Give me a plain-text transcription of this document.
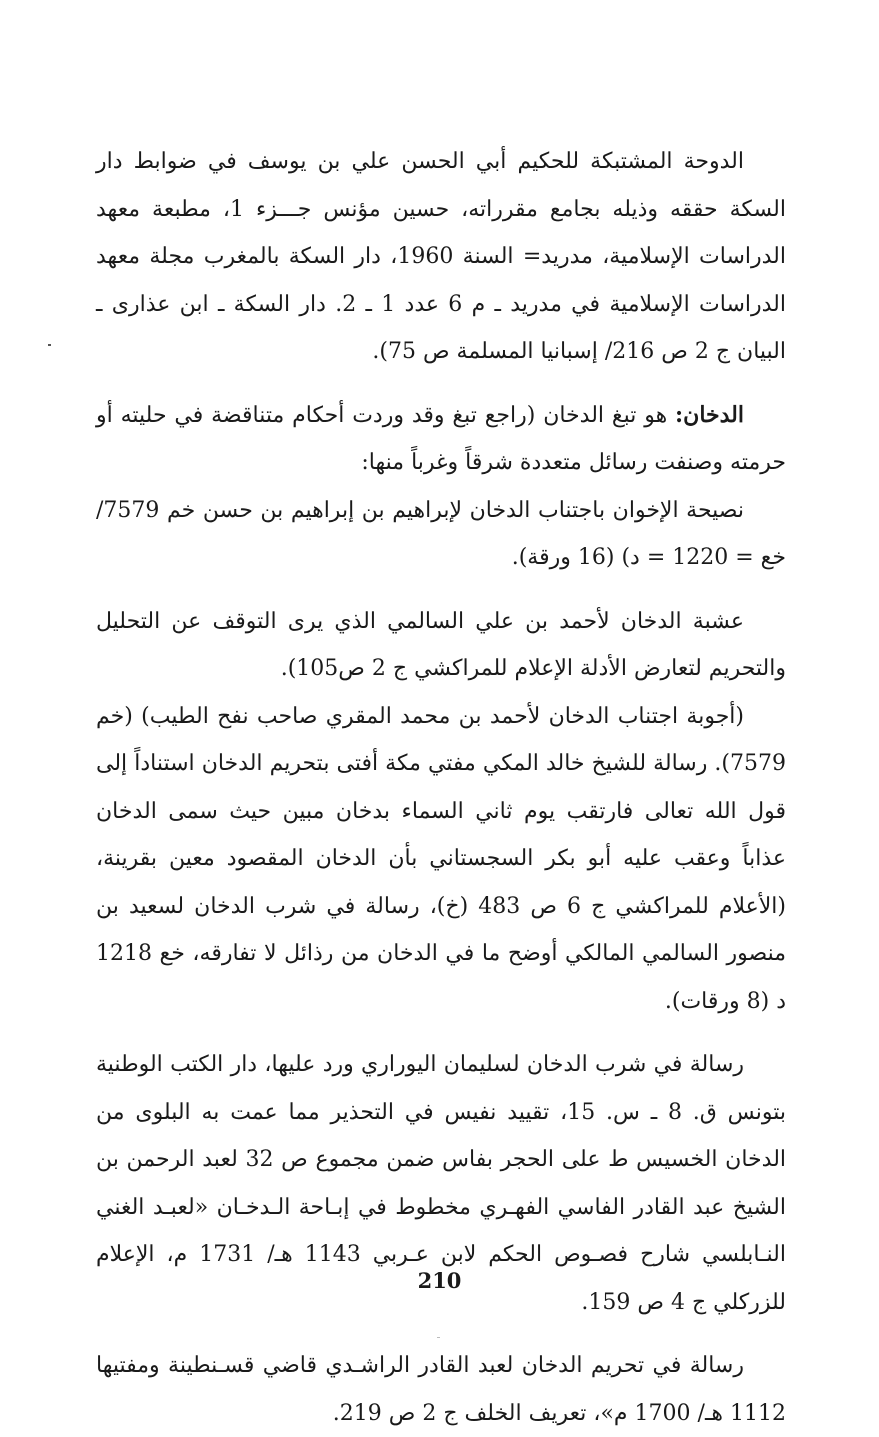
الدوحة المشتبكة للحكيم أبي الحسن علي بن يوسف في ضوابط دار السكة حققه وذيله بجامع مقرراته، حسين مؤنس جـــزء 1، مطبعة معهد الدراسات الإسلامية، مدريد= السنة 1960، دار السكة بالمغرب مجلة معهد الدراسات الإسلامية في مدريد ـ م 6 عدد 1 ـ 2. دار السكة ـ ابن عذارى ـ البيان ج 2 ص 216/ إسبانيا المسلمة ص 75).

الدخان: هو تبغ الدخان (راجع تبغ وقد وردت أحكام متناقضة في حليته أو حرمته وصنفت رسائل متعددة شرقاً وغرباً منها:

نصيحة الإخوان باجتناب الدخان لإبراهيم بن إبراهيم بن حسن خم 7579/ خع = 1220 = د) (16 ورقة).

عشبة الدخان لأحمد بن علي السالمي الذي يرى التوقف عن التحليل والتحريم لتعارض الأدلة الإعلام للمراكشي ج 2 ص105).

(أجوبة اجتناب الدخان لأحمد بن محمد المقري صاحب نفح الطيب) (خم 7579). رسالة للشيخ خالد المكي مفتي مكة أفتى بتحريم الدخان استناداً إلى قول الله تعالى فارتقب يوم ثاني السماء بدخان مبين حيث سمى الدخان عذاباً وعقب عليه أبو بكر السجستاني بأن الدخان المقصود معين بقرينة، (الأعلام للمراكشي ج 6 ص 483 (خ)، رسالة في شرب الدخان لسعيد بن منصور السالمي المالكي أوضح ما في الدخان من رذائل لا تفارقه، خع 1218 د (8 ورقات).

رسالة في شرب الدخان لسليمان اليوراري ورد عليها، دار الكتب الوطنية بتونس ق. 8 ـ س. 15، تقييد نفيس في التحذير مما عمت به البلوى من الدخان الخسيس ط على الحجر بفاس ضمن مجموع ص 32 لعبد الرحمن بن الشيخ عبد القادر الفاسي الفهـري مخطوط في إبـاحة الـدخـان «لعبـد الغني النـابلسي شارح فصـوص الحكم لابن عـربي 1143 هـ/ 1731 م، الإعلام للزركلي ج 4 ص 159.

رسالة في تحريم الدخان لعبد القادر الراشـدي قاضي قسـنطينة ومفتيها 1112 هـ/ 1700 م»، تعريف الخلف ج 2 ص 219.

210
